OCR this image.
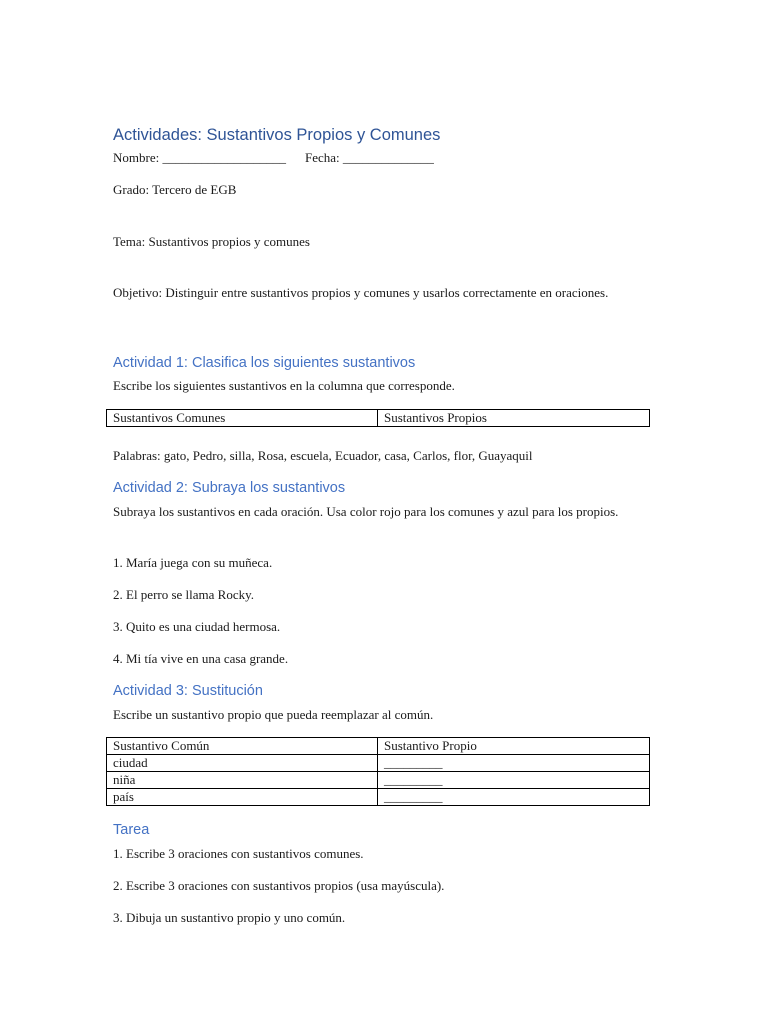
Actividades: Sustantivos Propios y Comunes

Nombre: ___________________ Fecha: ______________

Grado: Tercero de EGB

Tema: Sustantivos propios y comunes

Objetivo: Distinguir entre sustantivos propios y comunes y usarlos correctamente en oraciones.

Actividad 1: Clasifica los siguientes sustantivos

Escribe los siguientes sustantivos en la columna que corresponde.

Sustantivos Comunes	Sustantivos Propios

Palabras: gato, Pedro, silla, Rosa, escuela, Ecuador, casa, Carlos, flor, Guayaquil

Actividad 2: Subraya los sustantivos

Subraya los sustantivos en cada oración. Usa color rojo para los comunes y azul para los propios.

1. María juega con su muñeca.

2. El perro se llama Rocky.

3. Quito es una ciudad hermosa.

4. Mi tía vive en una casa grande.

Actividad 3: Sustitución

Escribe un sustantivo propio que pueda reemplazar al común.

Sustantivo Común	Sustantivo Propio
ciudad	_________
niña	_________
país	_________
Tarea

1. Escribe 3 oraciones con sustantivos comunes.

2. Escribe 3 oraciones con sustantivos propios (usa mayúscula).

3. Dibuja un sustantivo propio y uno común.
